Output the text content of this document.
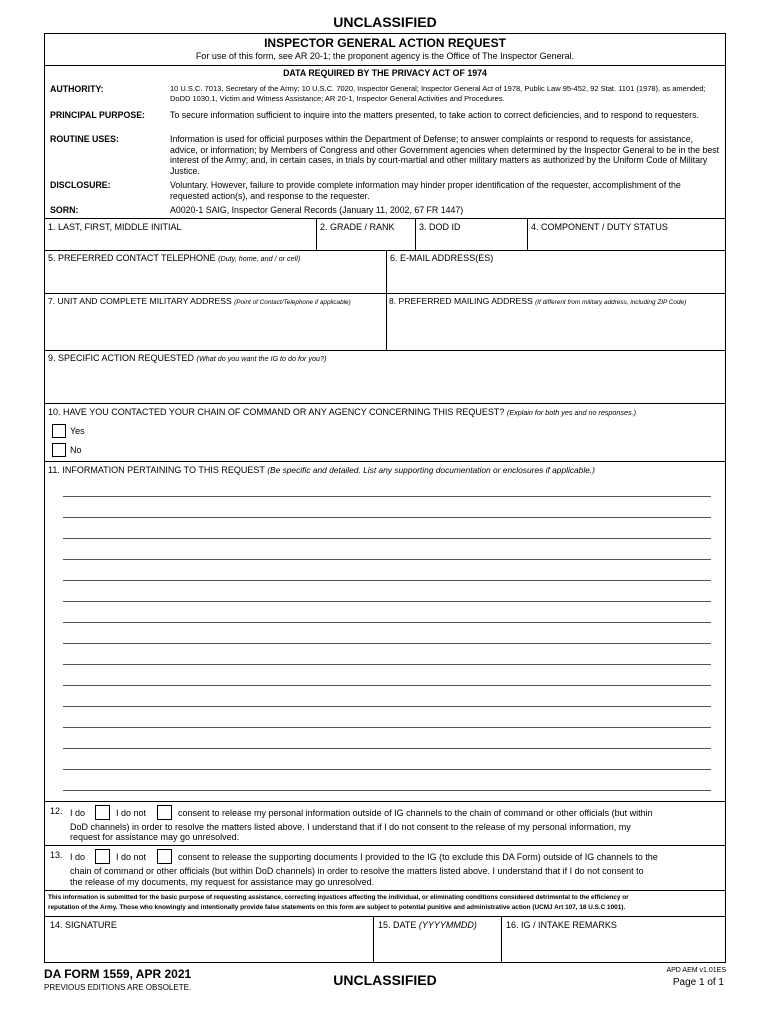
UNCLASSIFIED
INSPECTOR GENERAL ACTION REQUEST
For use of this form, see AR 20-1; the proponent agency is the Office of The Inspector General.
DATA REQUIRED BY THE PRIVACY ACT OF 1974
AUTHORITY:	10 U.S.C. 7013, Secretary of the Army; 10 U.S.C. 7020, Inspector General; Inspector General Act of 1978, Public Law 95-452, 92 Stat. 1101 (1978), as amended; DoDD 1030.1, Victim and Witness Assistance; AR 20-1, Inspector General Activities and Procedures.
PRINCIPAL PURPOSE:	To secure information sufficient to inquire into the matters presented, to take action to correct deficiencies, and to respond to requesters.
ROUTINE USES:	Information is used for official purposes within the Department of Defense; to answer complaints or respond to requests for assistance, advice, or information; by Members of Congress and other Government agencies when determined by the Inspector General to be in the best interest of the Army; and, in certain cases, in trials by court-martial and other military matters as authorized by the Uniform Code of Military Justice.
DISCLOSURE:	Voluntary. However, failure to provide complete information may hinder proper identification of the requester, accomplishment of the requested action(s), and response to the requester.
SORN:	A0020-1 SAIG, Inspector General Records (January 11, 2002, 67 FR 1447)
1. LAST, FIRST, MIDDLE INITIAL	2. GRADE / RANK	3. DOD ID	4. COMPONENT / DUTY STATUS
5. PREFERRED CONTACT TELEPHONE (Duty, home, and / or cell)	6. E-MAIL ADDRESS(ES)
7. UNIT AND COMPLETE MILITARY ADDRESS (Point of Contact/Telephone if applicable)	8. PREFERRED MAILING ADDRESS (If different from military address, including ZIP Code)
9. SPECIFIC ACTION REQUESTED (What do you want the IG to do for you?)
10. HAVE YOU CONTACTED YOUR CHAIN OF COMMAND OR ANY AGENCY CONCERNING THIS REQUEST? (Explain for both yes and no responses.)
Yes
No
11. INFORMATION PERTAINING TO THIS REQUEST (Be specific and detailed. List any supporting documentation or enclosures if applicable.)
12. I do	I do not	consent to release my personal information outside of IG channels to the chain of command or other officials (but within
DoD channels) in order to resolve the matters listed above. I understand that if I do not consent to the release of my personal information, my
request for assistance may go unresolved.
13. I do	I do not	consent to release the supporting documents I provided to the IG (to exclude this DA Form) outside of IG channels to the
chain of command or other officials (but within DoD channels) in order to resolve the matters listed above. I understand that if I do not consent to
the release of my documents, my request for assistance may go unresolved.
This information is submitted for the basic purpose of requesting assistance, correcting injustices affecting the individual, or eliminating conditions considered detrimental to the efficiency or
reputation of the Army. Those who knowingly and intentionally provide false statements on this form are subject to potential punitive and administrative action (UCMJ Art 107, 18 U.S.C 1001).
14. SIGNATURE	15. DATE (YYYYMMDD)	16. IG / INTAKE REMARKS
DA FORM 1559, APR 2021
PREVIOUS EDITIONS ARE OBSOLETE.	UNCLASSIFIED
APD AEM v1.01ES
Page 1 of 1
